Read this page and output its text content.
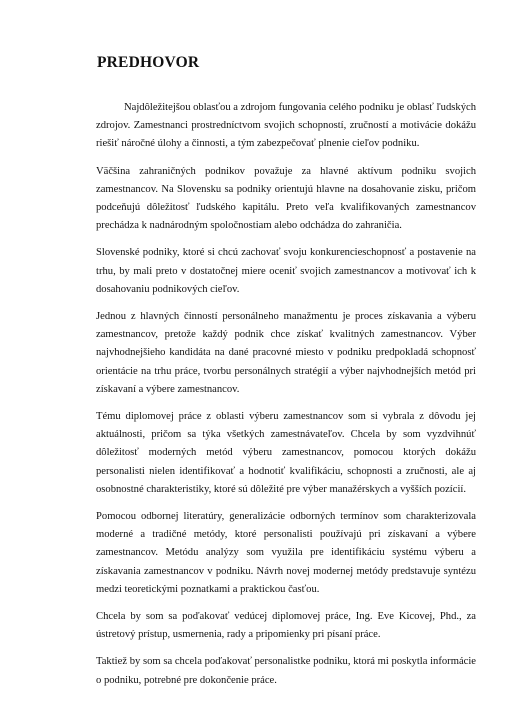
PREDHOVOR

Najdôležitejšou oblasťou a zdrojom fungovania celého podniku je oblasť ľudských zdrojov. Zamestnanci prostredníctvom svojich schopností, zručností a motivácie dokážu riešiť náročné úlohy a činnosti, a tým zabezpečovať plnenie cieľov podniku.

Väčšina zahraničných podnikov považuje za hlavné aktívum podniku svojich zamestnancov. Na Slovensku sa podniky orientujú hlavne na dosahovanie zisku, pričom podceňujú dôležitosť ľudského kapitálu. Preto veľa kvalifikovaných zamestnancov prechádza k nadnárodným spoločnostiam alebo odchádza do zahraničia.

Slovenské podniky, ktoré si chcú zachovať svoju konkurencieschopnosť a postavenie na trhu, by mali preto v dostatočnej miere oceniť svojich zamestnancov a motivovať ich k dosahovaniu podnikových cieľov.

Jednou z hlavných činností personálneho manažmentu je proces získavania a výberu zamestnancov, pretože každý podnik chce získať kvalitných zamestnancov. Výber najvhodnejšieho kandidáta na dané pracovné miesto v podniku predpokladá schopnosť orientácie na trhu práce, tvorbu personálnych stratégií a výber najvhodnejších metód pri získavaní a výbere zamestnancov.

Tému diplomovej práce z oblasti výberu zamestnancov som si vybrala z dôvodu jej aktuálnosti, pričom sa týka všetkých zamestnávateľov. Chcela by som vyzdvihnúť dôležitosť moderných metód výberu zamestnancov, pomocou ktorých dokážu personalisti nielen identifikovať a hodnotiť kvalifikáciu, schopnosti a zručnosti, ale aj osobnostné charakteristiky, ktoré sú dôležité pre výber manažérskych a vyšších pozícií.

Pomocou odbornej literatúry, generalizácie odborných termínov som charakterizovala moderné a tradičné metódy, ktoré personalisti používajú pri získavaní a výbere zamestnancov. Metódu analýzy som využila pre identifikáciu systému výberu a získavania zamestnancov v podniku. Návrh novej modernej metódy predstavuje syntézu medzi teoretickými poznatkami a praktickou časťou.

Chcela by som sa poďakovať vedúcej diplomovej práce, Ing. Eve Kicovej, Phd., za ústretový prístup, usmernenia, rady a pripomienky pri písaní práce.

Taktiež by som sa chcela poďakovať personalistke podniku, ktorá mi poskytla informácie o podniku, potrebné pre dokončenie práce.
